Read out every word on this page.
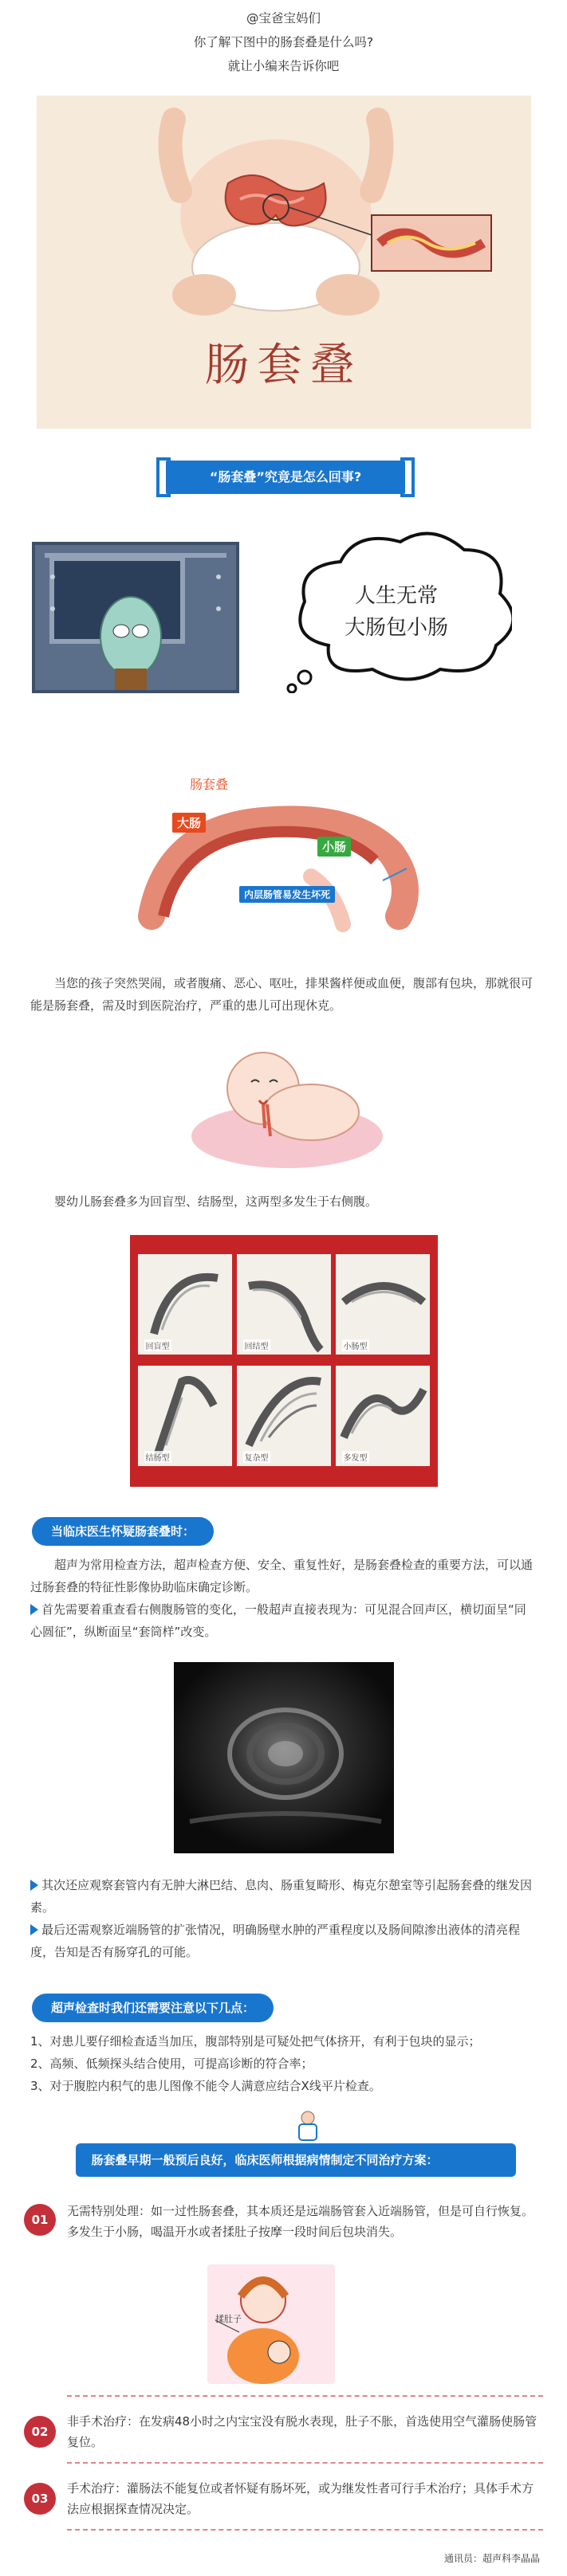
@宝爸宝妈们
你了解下图中的肠套叠是什么吗?
就让小编来告诉你吧
肠套叠
“肠套叠”究竟是怎么回事?
人生无常
大肠包小肠
肠套叠
大肠
小肠
内层肠管易发生坏死

当您的孩子突然哭闹，或者腹痛、恶心、呕吐，排果酱样便或血便，腹部有包块，那就很可能是肠套叠，需及时到医院治疗，严重的患儿可出现休克。

婴幼儿肠套叠多为回盲型、结肠型，这两型多发生于右侧腹。

回盲型	回结型	小肠型
结肠型	复杂型	多发型
当临床医生怀疑肠套叠时：

超声为常用检查方法，超声检查方便、安全、重复性好，是肠套叠检查的重要方法，可以通过肠套叠的特征性影像协助临床确定诊断。

首先需要着重查看右侧腹肠管的变化，一般超声直接表现为：可见混合回声区，横切面呈“同心圆征”，纵断面呈“套筒样”改变。

其次还应观察套管内有无肿大淋巴结、息肉、肠重复畸形、梅克尔憩室等引起肠套叠的继发因素。

最后还需观察近端肠管的扩张情况，明确肠壁水肿的严重程度以及肠间隙渗出液体的清亮程度，告知是否有肠穿孔的可能。

超声检查时我们还需要注意以下几点：

1、对患儿要仔细检查适当加压，腹部特别是可疑处把气体挤开，有利于包块的显示；

2、高频、低频探头结合使用，可提高诊断的符合率；

3、对于腹腔内积气的患儿图像不能令人满意应结合X线平片检查。

肠套叠早期一般预后良好，临床医师根据病情制定不同治疗方案：
01

无需特别处理：如一过性肠套叠，其本质还是远端肠管套入近端肠管，但是可自行恢复。多发生于小肠，喝温开水或者揉肚子按摩一段时间后包块消失。

揉肚子
02

非手术治疗：在发病48小时之内宝宝没有脱水表现，肚子不胀，首选使用空气灌肠使肠管复位。

03

手术治疗：灌肠法不能复位或者怀疑有肠坏死，或为继发性者可行手术治疗；具体手术方法应根据探查情况决定。

通讯员：超声科李晶晶
